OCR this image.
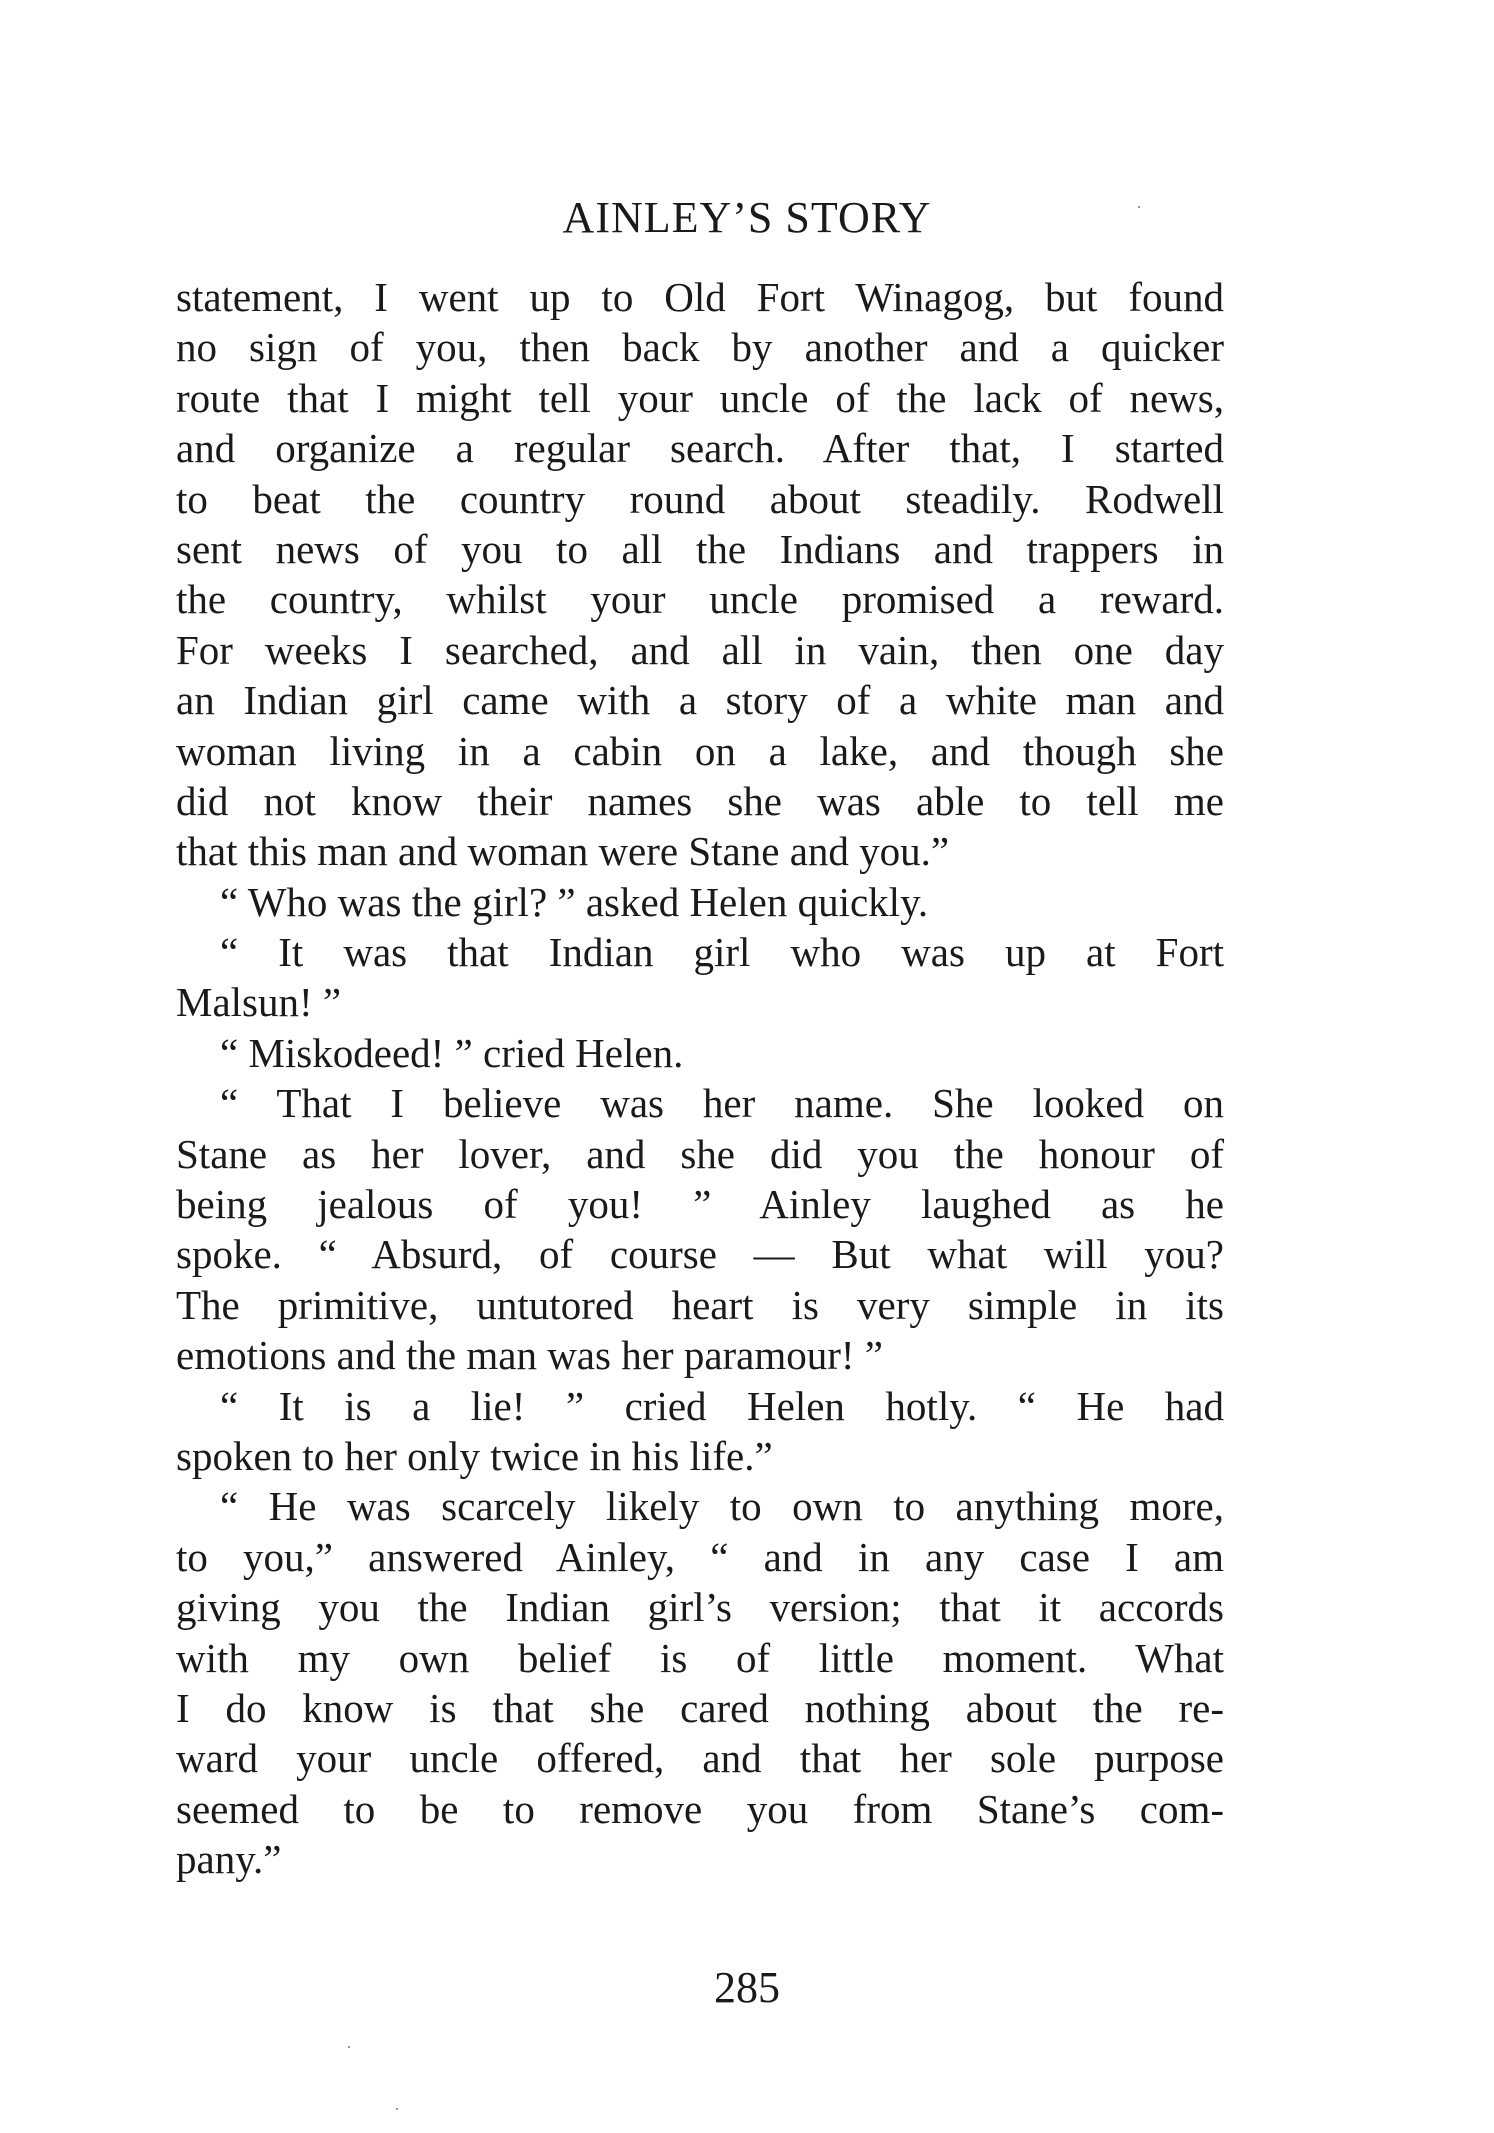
AINLEY’S STORY
statement, I went up to Old Fort Winagog, but found
no sign of you, then back by another and a quicker
route that I might tell your uncle of the lack of news,
and organize a regular search. After that, I started
to beat the country round about steadily. Rodwell
sent news of you to all the Indians and trappers in
the country, whilst your uncle promised a reward.
For weeks I searched, and all in vain, then one day
an Indian girl came with a story of a white man and
woman living in a cabin on a lake, and though she
did not know their names she was able to tell me
that this man and woman were Stane and you.”
“ Who was the girl? ” asked Helen quickly.
“ It was that Indian girl who was up at Fort
Malsun! ”
“ Miskodeed! ” cried Helen.
“ That I believe was her name. She looked on
Stane as her lover, and she did you the honour of
being jealous of you! ” Ainley laughed as he
spoke. “ Absurd, of course — But what will you?
The primitive, untutored heart is very simple in its
emotions and the man was her paramour! ”
“ It is a lie! ” cried Helen hotly. “ He had
spoken to her only twice in his life.”
“ He was scarcely likely to own to anything more,
to you,” answered Ainley, “ and in any case I am
giving you the Indian girl’s version; that it accords
with my own belief is of little moment. What
I do know is that she cared nothing about the re-
ward your uncle offered, and that her sole purpose
seemed to be to remove you from Stane’s com-
pany.”
285
